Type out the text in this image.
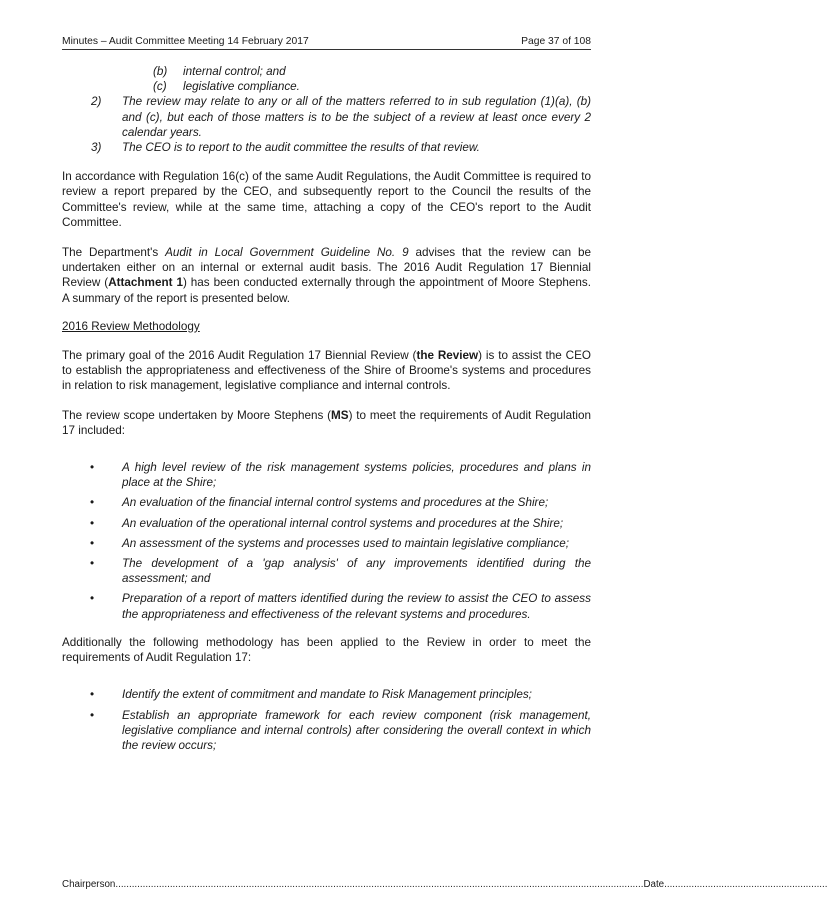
Minutes – Audit Committee Meeting 14 February 2017	Page 37 of 108
(b)	internal control; and
(c)	legislative compliance.
2)	The review may relate to any or all of the matters referred to in sub regulation (1)(a), (b) and (c), but each of those matters is to be the subject of a review at least once every 2 calendar years.
3)	The CEO is to report to the audit committee the results of that review.

In accordance with Regulation 16(c) of the same Audit Regulations, the Audit Committee is required to review a report prepared by the CEO, and subsequently report to the Council the results of the Committee's review, while at the same time, attaching a copy of the CEO's report to the Audit Committee.

The Department's Audit in Local Government Guideline No. 9 advises that the review can be undertaken either on an internal or external audit basis. The 2016 Audit Regulation 17 Biennial Review (Attachment 1) has been conducted externally through the appointment of Moore Stephens. A summary of the report is presented below.

2016 Review Methodology

The primary goal of the 2016 Audit Regulation 17 Biennial Review (the Review) is to assist the CEO to establish the appropriateness and effectiveness of the Shire of Broome's systems and procedures in relation to risk management, legislative compliance and internal controls.

The review scope undertaken by Moore Stephens (MS) to meet the requirements of Audit Regulation 17 included:

•	A high level review of the risk management systems policies, procedures and plans in place at the Shire;
•	An evaluation of the financial internal control systems and procedures at the Shire;
•	An evaluation of the operational internal control systems and procedures at the Shire;
•	An assessment of the systems and processes used to maintain legislative compliance;
•	The development of a 'gap analysis' of any improvements identified during the assessment; and
•	Preparation of a report of matters identified during the review to assist the CEO to assess the appropriateness and effectiveness of the relevant systems and procedures.

Additionally the following methodology has been applied to the Review in order to meet the requirements of Audit Regulation 17:

•	Identify the extent of commitment and mandate to Risk Management principles;
•	Establish an appropriate framework for each review component (risk management, legislative compliance and internal controls) after considering the overall context in which the review occurs;
Chairperson .................................................................................................................................................................................................. Date ............................................................
